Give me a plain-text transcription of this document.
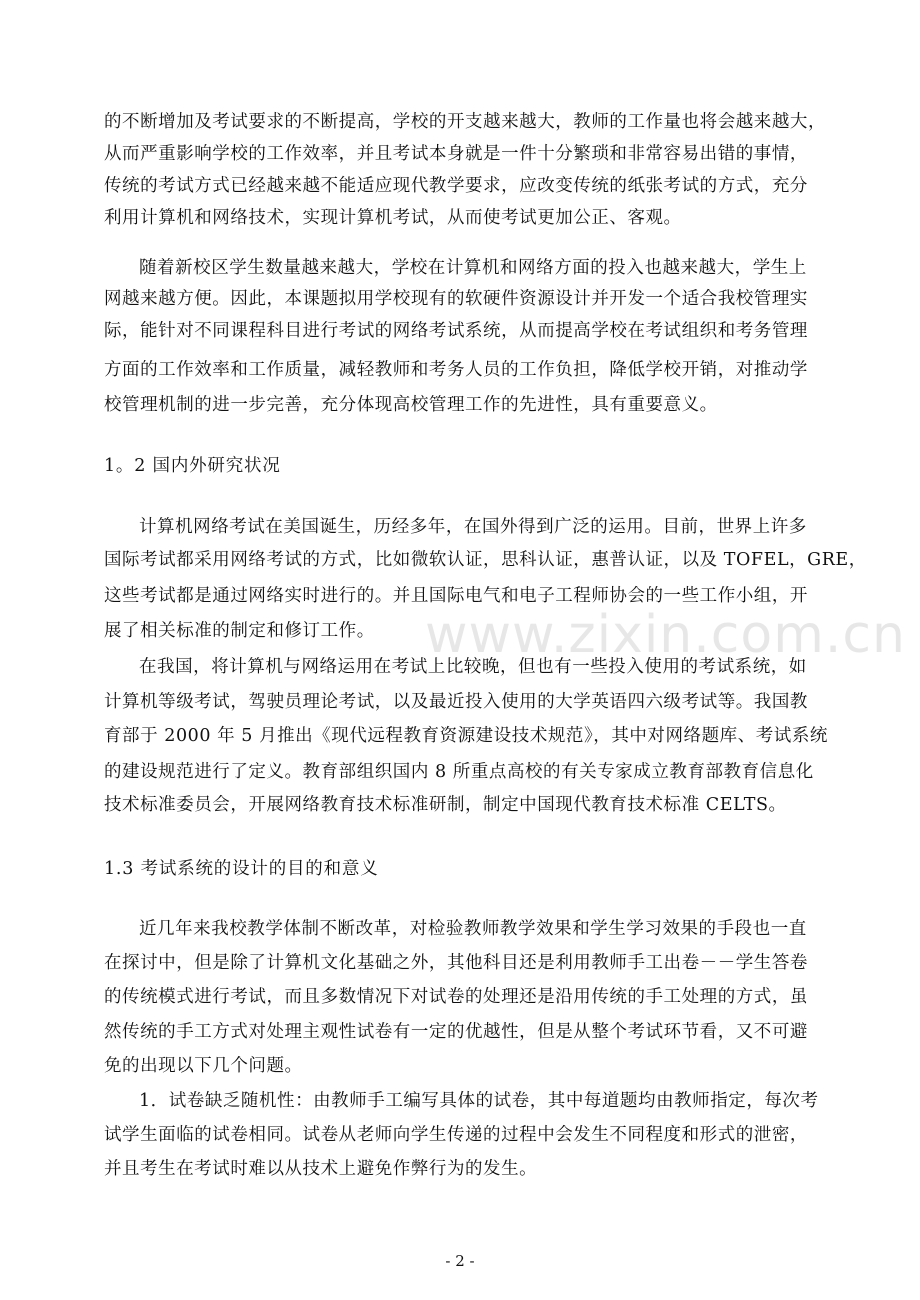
的不断增加及考试要求的不断提高，学校的开支越来越大，教师的工作量也将会越来越大，
从而严重影响学校的工作效率，并且考试本身就是一件十分繁琐和非常容易出错的事情，
传统的考试方式已经越来越不能适应现代教学要求，应改变传统的纸张考试的方式，充分
利用计算机和网络技术，实现计算机考试，从而使考试更加公正、客观。
随着新校区学生数量越来越大，学校在计算机和网络方面的投入也越来越大，学生上
网越来越方便。因此，本课题拟用学校现有的软硬件资源设计并开发一个适合我校管理实
际，能针对不同课程科目进行考试的网络考试系统，从而提高学校在考试组织和考务管理
方面的工作效率和工作质量，减轻教师和考务人员的工作负担，降低学校开销，对推动学
校管理机制的进一步完善，充分体现高校管理工作的先进性，具有重要意义。
1。2 国内外研究状况
计算机网络考试在美国诞生，历经多年，在国外得到广泛的运用。目前，世界上许多
国际考试都采用网络考试的方式，比如微软认证，思科认证，惠普认证，以及 TOFEL，GRE，
这些考试都是通过网络实时进行的。并且国际电气和电子工程师协会的一些工作小组，开
展了相关标准的制定和修订工作。
在我国，将计算机与网络运用在考试上比较晚，但也有一些投入使用的考试系统，如
计算机等级考试，驾驶员理论考试，以及最近投入使用的大学英语四六级考试等。我国教
育部于 2000 年 5 月推出《现代远程教育资源建设技术规范》，其中对网络题库、考试系统
的建设规范进行了定义。教育部组织国内 8 所重点高校的有关专家成立教育部教育信息化
技术标准委员会，开展网络教育技术标准研制，制定中国现代教育技术标准 CELTS。
1.3 考试系统的设计的目的和意义
近几年来我校教学体制不断改革，对检验教师教学效果和学生学习效果的手段也一直
在探讨中，但是除了计算机文化基础之外，其他科目还是利用教师手工出卷－－学生答卷
的传统模式进行考试，而且多数情况下对试卷的处理还是沿用传统的手工处理的方式，虽
然传统的手工方式对处理主观性试卷有一定的优越性，但是从整个考试环节看，又不可避
免的出现以下几个问题。
1．试卷缺乏随机性：由教师手工编写具体的试卷，其中每道题均由教师指定，每次考
试学生面临的试卷相同。试卷从老师向学生传递的过程中会发生不同程度和形式的泄密，
并且考生在考试时难以从技术上避免作弊行为的发生。
www.zixin.com.cn
- 2 -
